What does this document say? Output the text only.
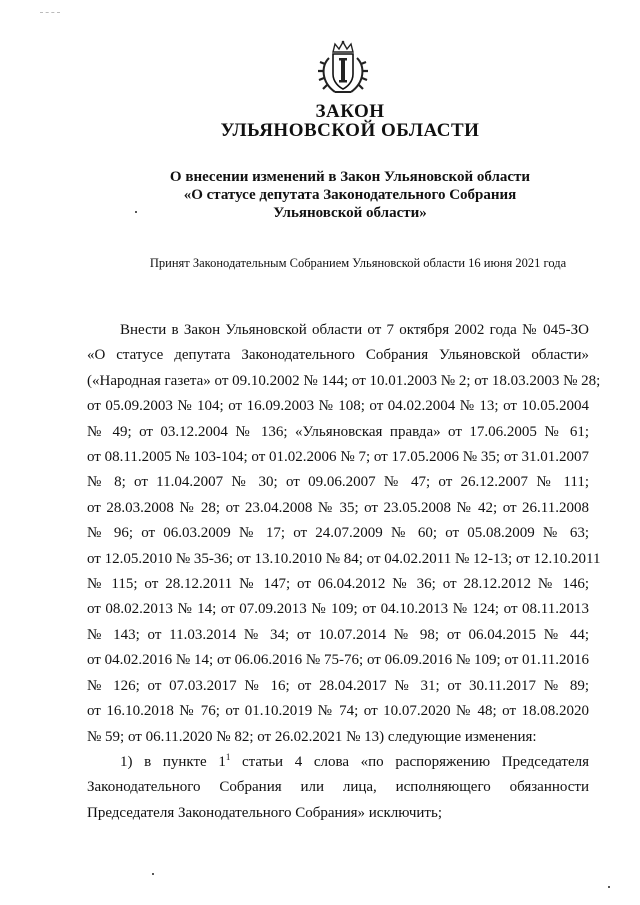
ЗАКОН
УЛЬЯНОВСКОЙ ОБЛАСТИ
О внесении изменений в Закон Ульяновской области
«О статусе депутата Законодательного Собрания
Ульяновской области»
Принят Законодательным Собранием Ульяновской области 16 июня 2021 года
Внести в Закон Ульяновской области от 7 октября 2002 года № 045-ЗО
«О статусе депутата Законодательного Собрания Ульяновской области»
(«Народная газета» от 09.10.2002 № 144; от 10.01.2003 № 2; от 18.03.2003 № 28;
от 05.09.2003 № 104; от 16.09.2003 № 108; от 04.02.2004 № 13; от 10.05.2004
№ 49; от 03.12.2004 № 136; «Ульяновская правда» от 17.06.2005 № 61;
от 08.11.2005 № 103-104; от 01.02.2006 № 7; от 17.05.2006 № 35; от 31.01.2007
№ 8; от 11.04.2007 № 30; от 09.06.2007 № 47; от 26.12.2007 № 111;
от 28.03.2008 № 28; от 23.04.2008 № 35; от 23.05.2008 № 42; от 26.11.2008
№ 96; от 06.03.2009 № 17; от 24.07.2009 № 60; от 05.08.2009 № 63;
от 12.05.2010 № 35-36; от 13.10.2010 № 84; от 04.02.2011 № 12-13; от 12.10.2011
№ 115; от 28.12.2011 № 147; от 06.04.2012 № 36; от 28.12.2012 № 146;
от 08.02.2013 № 14; от 07.09.2013 № 109; от 04.10.2013 № 124; от 08.11.2013
№ 143; от 11.03.2014 № 34; от 10.07.2014 № 98; от 06.04.2015 № 44;
от 04.02.2016 № 14; от 06.06.2016 № 75-76; от 06.09.2016 № 109; от 01.11.2016
№ 126; от 07.03.2017 № 16; от 28.04.2017 № 31; от 30.11.2017 № 89;
от 16.10.2018 № 76; от 01.10.2019 № 74; от 10.07.2020 № 48; от 18.08.2020
№ 59; от 06.11.2020 № 82; от 26.02.2021 № 13) следующие изменения:
1) в пункте $1^1$ статьи 4 слова «по распоряжению Председателя
Законодательного Собрания или лица, исполняющего обязанности
Председателя Законодательного Собрания» исключить;
